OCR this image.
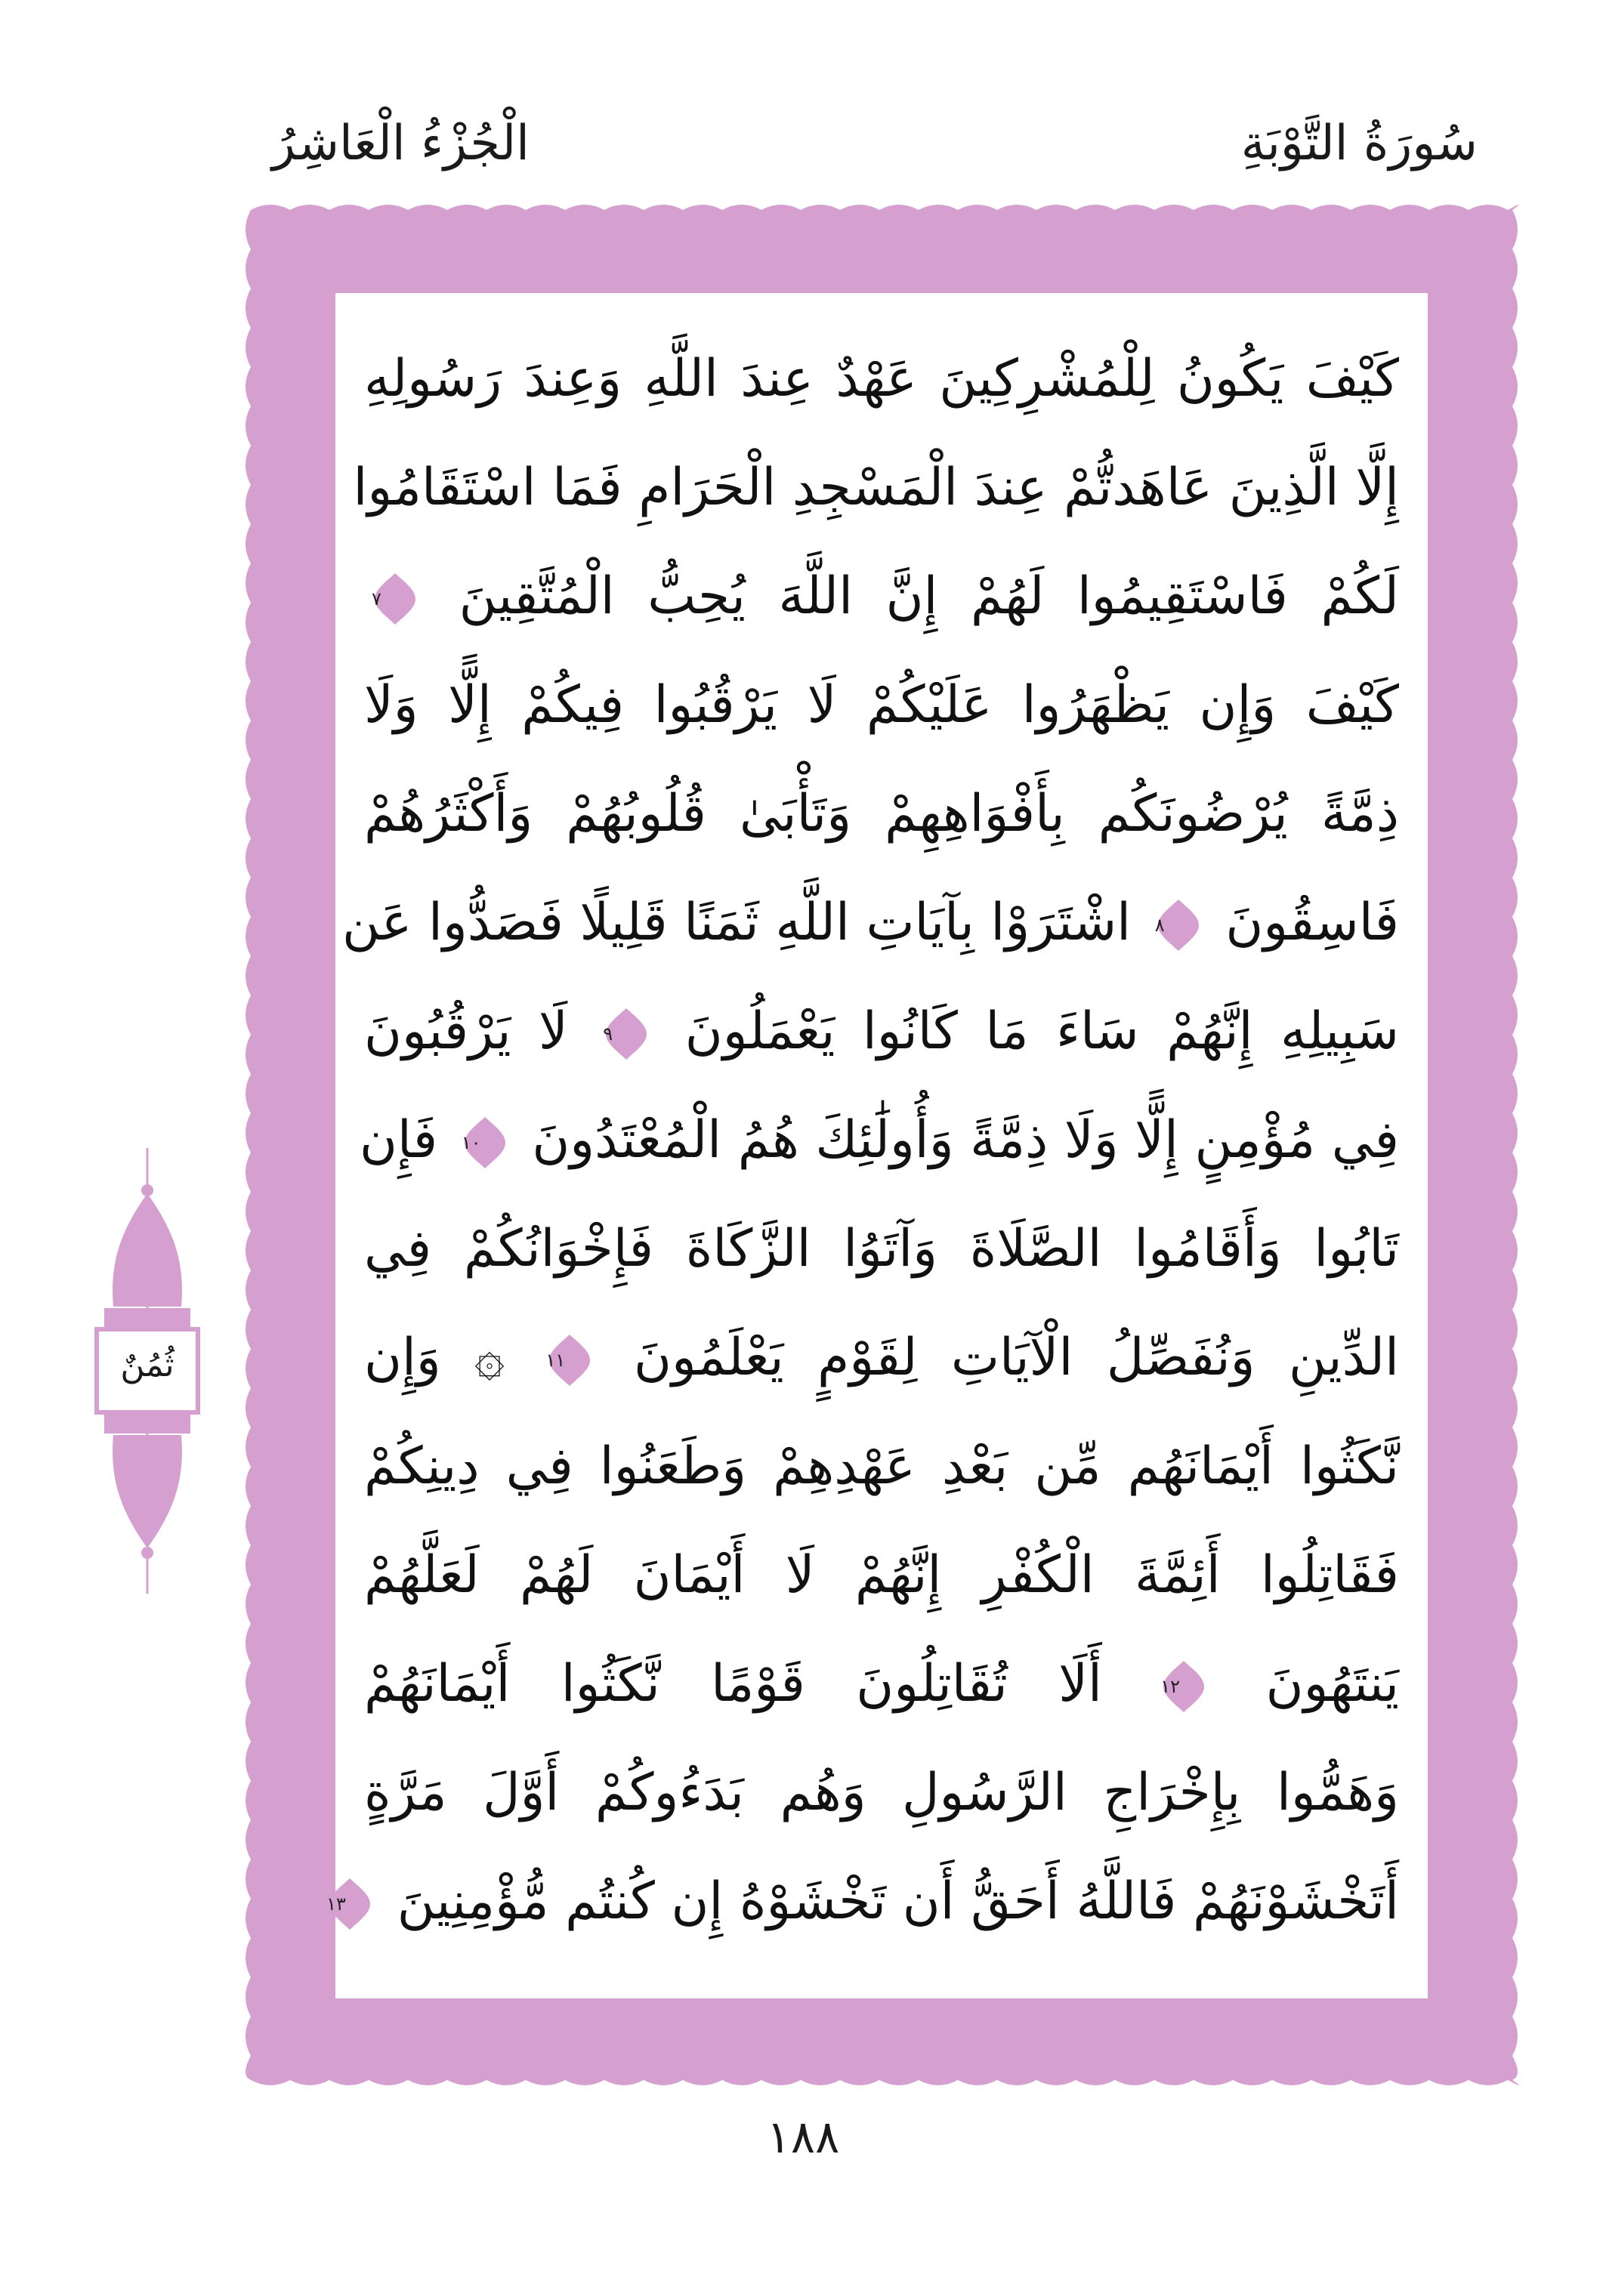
سُورَةُ التَّوْبَةِ
الْجُزْءُ الْعَاشِرُ
كَيْفَ يَكُونُ لِلْمُشْرِكِينَ عَهْدٌ عِندَ اللَّهِ وَعِندَ رَسُولِهِ
إِلَّا الَّذِينَ عَاهَدتُّمْ عِندَ الْمَسْجِدِ الْحَرَامِ فَمَا اسْتَقَامُوا
لَكُمْ فَاسْتَقِيمُوا لَهُمْ إِنَّ اللَّهَ يُحِبُّ الْمُتَّقِينَ
٧
كَيْفَ وَإِن يَظْهَرُوا عَلَيْكُمْ لَا يَرْقُبُوا فِيكُمْ إِلًّا وَلَا
ذِمَّةً يُرْضُونَكُم بِأَفْوَاهِهِمْ وَتَأْبَىٰ قُلُوبُهُمْ وَأَكْثَرُهُمْ
فَاسِقُونَ
٨
اشْتَرَوْا بِآيَاتِ اللَّهِ ثَمَنًا قَلِيلًا فَصَدُّوا عَن
سَبِيلِهِ إِنَّهُمْ سَاءَ مَا كَانُوا يَعْمَلُونَ
٩
لَا يَرْقُبُونَ
فِي مُؤْمِنٍ إِلًّا وَلَا ذِمَّةً وَأُولَٰئِكَ هُمُ الْمُعْتَدُونَ
١٠
فَإِن
تَابُوا وَأَقَامُوا الصَّلَاةَ وَآتَوُا الزَّكَاةَ فَإِخْوَانُكُمْ فِي
الدِّينِ وَنُفَصِّلُ الْآيَاتِ لِقَوْمٍ يَعْلَمُونَ
١١
۞ وَإِن
نَّكَثُوا أَيْمَانَهُم مِّن بَعْدِ عَهْدِهِمْ وَطَعَنُوا فِي دِينِكُمْ
فَقَاتِلُوا أَئِمَّةَ الْكُفْرِ إِنَّهُمْ لَا أَيْمَانَ لَهُمْ لَعَلَّهُمْ
يَنتَهُونَ
١٢
أَلَا تُقَاتِلُونَ قَوْمًا نَّكَثُوا أَيْمَانَهُمْ
وَهَمُّوا بِإِخْرَاجِ الرَّسُولِ وَهُم بَدَءُوكُمْ أَوَّلَ مَرَّةٍ
أَتَخْشَوْنَهُمْ فَاللَّهُ أَحَقُّ أَن تَخْشَوْهُ إِن كُنتُم مُّؤْمِنِينَ
١٣
ثُمُنٌ
١٨٨
